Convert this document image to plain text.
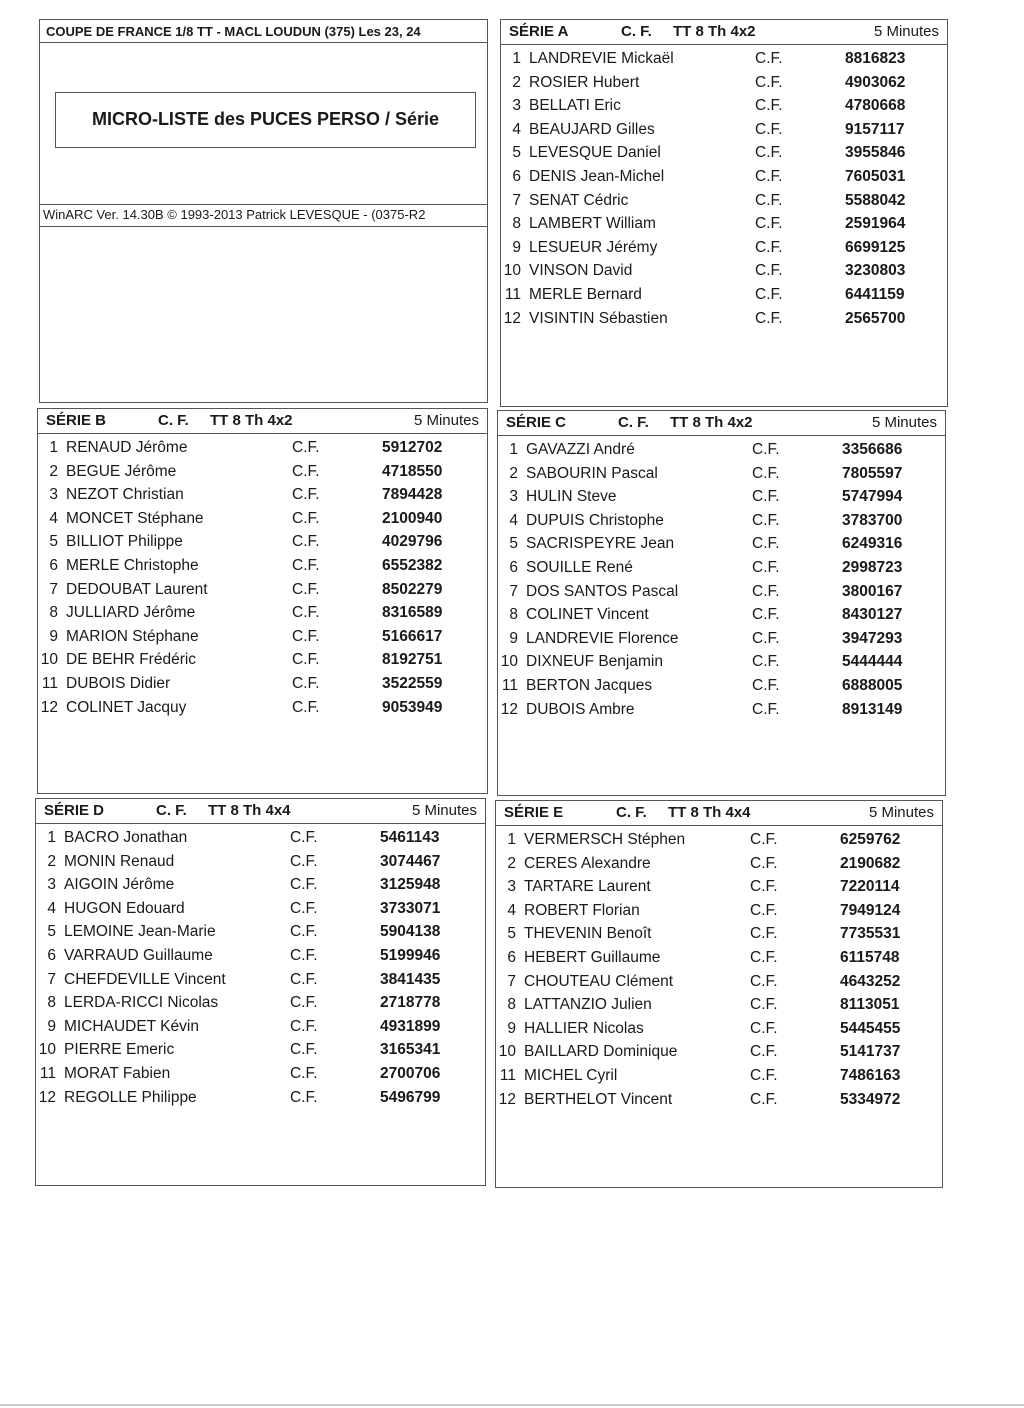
COUPE DE FRANCE 1/8 TT - MACL LOUDUN (375) Les 23, 24
MICRO-LISTE des PUCES PERSO / Série
WinARC Ver. 14.30B © 1993-2013 Patrick LEVESQUE - (0375-R2
SÉRIE A	C. F. TT 8 Th 4x2	5 Minutes
1 LANDREVIE Mickaël	C.F.	8816823
2 ROSIER Hubert	C.F.	4903062
3 BELLATI Eric	C.F.	4780668
4 BEAUJARD Gilles	C.F.	9157117
5 LEVESQUE Daniel	C.F.	3955846
6 DENIS Jean-Michel	C.F.	7605031
7 SENAT Cédric	C.F.	5588042
8 LAMBERT William	C.F.	2591964
9 LESUEUR Jérémy	C.F.	6699125
10 VINSON David	C.F.	3230803
11 MERLE Bernard	C.F.	6441159
12 VISINTIN Sébastien	C.F.	2565700
SÉRIE B	C. F. TT 8 Th 4x2	5 Minutes
1 RENAUD Jérôme	C.F.	5912702
2 BEGUE Jérôme	C.F.	4718550
3 NEZOT Christian	C.F.	7894428
4 MONCET Stéphane	C.F.	2100940
5 BILLIOT Philippe	C.F.	4029796
6 MERLE Christophe	C.F.	6552382
7 DEDOUBAT Laurent	C.F.	8502279
8 JULLIARD Jérôme	C.F.	8316589
9 MARION Stéphane	C.F.	5166617
10 DE BEHR Frédéric	C.F.	8192751
11 DUBOIS Didier	C.F.	3522559
12 COLINET Jacquy	C.F.	9053949
SÉRIE C	C. F. TT 8 Th 4x2	5 Minutes
1 GAVAZZI André	C.F.	3356686
2 SABOURIN Pascal	C.F.	7805597
3 HULIN Steve	C.F.	5747994
4 DUPUIS Christophe	C.F.	3783700
5 SACRISPEYRE Jean	C.F.	6249316
6 SOUILLE René	C.F.	2998723
7 DOS SANTOS Pascal	C.F.	3800167
8 COLINET Vincent	C.F.	8430127
9 LANDREVIE Florence	C.F.	3947293
10 DIXNEUF Benjamin	C.F.	5444444
11 BERTON Jacques	C.F.	6888005
12 DUBOIS Ambre	C.F.	8913149
SÉRIE D	C. F. TT 8 Th 4x4	5 Minutes
1 BACRO Jonathan	C.F.	5461143
2 MONIN Renaud	C.F.	3074467
3 AIGOIN Jérôme	C.F.	3125948
4 HUGON Edouard	C.F.	3733071
5 LEMOINE Jean-Marie	C.F.	5904138
6 VARRAUD Guillaume	C.F.	5199946
7 CHEFDEVILLE Vincent	C.F.	3841435
8 LERDA-RICCI Nicolas	C.F.	2718778
9 MICHAUDET Kévin	C.F.	4931899
10 PIERRE Emeric	C.F.	3165341
11 MORAT Fabien	C.F.	2700706
12 REGOLLE Philippe	C.F.	5496799
SÉRIE E	C. F. TT 8 Th 4x4	5 Minutes
1 VERMERSCH Stéphen	C.F.	6259762
2 CERES Alexandre	C.F.	2190682
3 TARTARE Laurent	C.F.	7220114
4 ROBERT Florian	C.F.	7949124
5 THEVENIN Benoît	C.F.	7735531
6 HEBERT Guillaume	C.F.	6115748
7 CHOUTEAU Clément	C.F.	4643252
8 LATTANZIO Julien	C.F.	8113051
9 HALLIER Nicolas	C.F.	5445455
10 BAILLARD Dominique	C.F.	5141737
11 MICHEL Cyril	C.F.	7486163
12 BERTHELOT Vincent	C.F.	5334972
